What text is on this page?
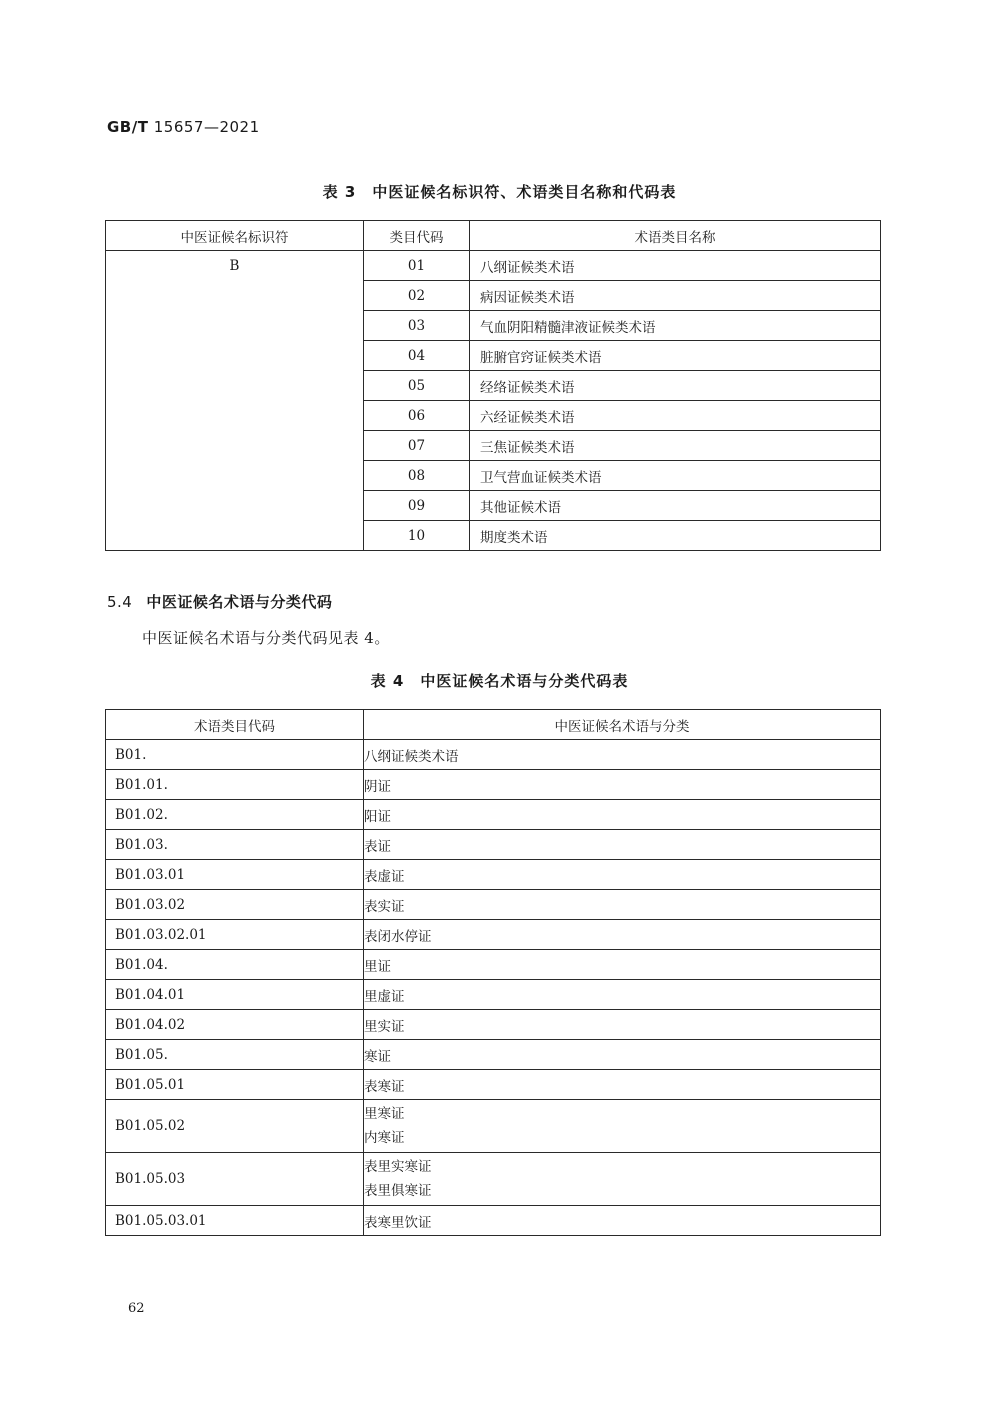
GB/T 15657—2021
表 3　中医证候名标识符、术语类目名称和代码表
中医证候名标识符	类目代码	术语类目名称
B	01	八纲证候类术语
	02	病因证候类术语
	03	气血阴阳精髓津液证候类术语
	04	脏腑官窍证候类术语
	05	经络证候类术语
	06	六经证候类术语
	07	三焦证候类术语
	08	卫气营血证候类术语
	09	其他证候术语
	10	期度类术语
5.4 中医证候名术语与分类代码
中医证候名术语与分类代码见表 4。
表 4　中医证候名术语与分类代码表
术语类目代码	中医证候名术语与分类
B01.	八纲证候类术语
B01.01.	阴证
B01.02.	阳证
B01.03.	表证
B01.03.01	表虚证
B01.03.02	表实证
B01.03.02.01	表闭水停证
B01.04.	里证
B01.04.01	里虚证
B01.04.02	里实证
B01.05.	寒证
B01.05.01	表寒证
B01.05.02	里寒证
内寒证

B01.05.03	表里实寒证
表里俱寒证

B01.05.03.01	表寒里饮证
62
